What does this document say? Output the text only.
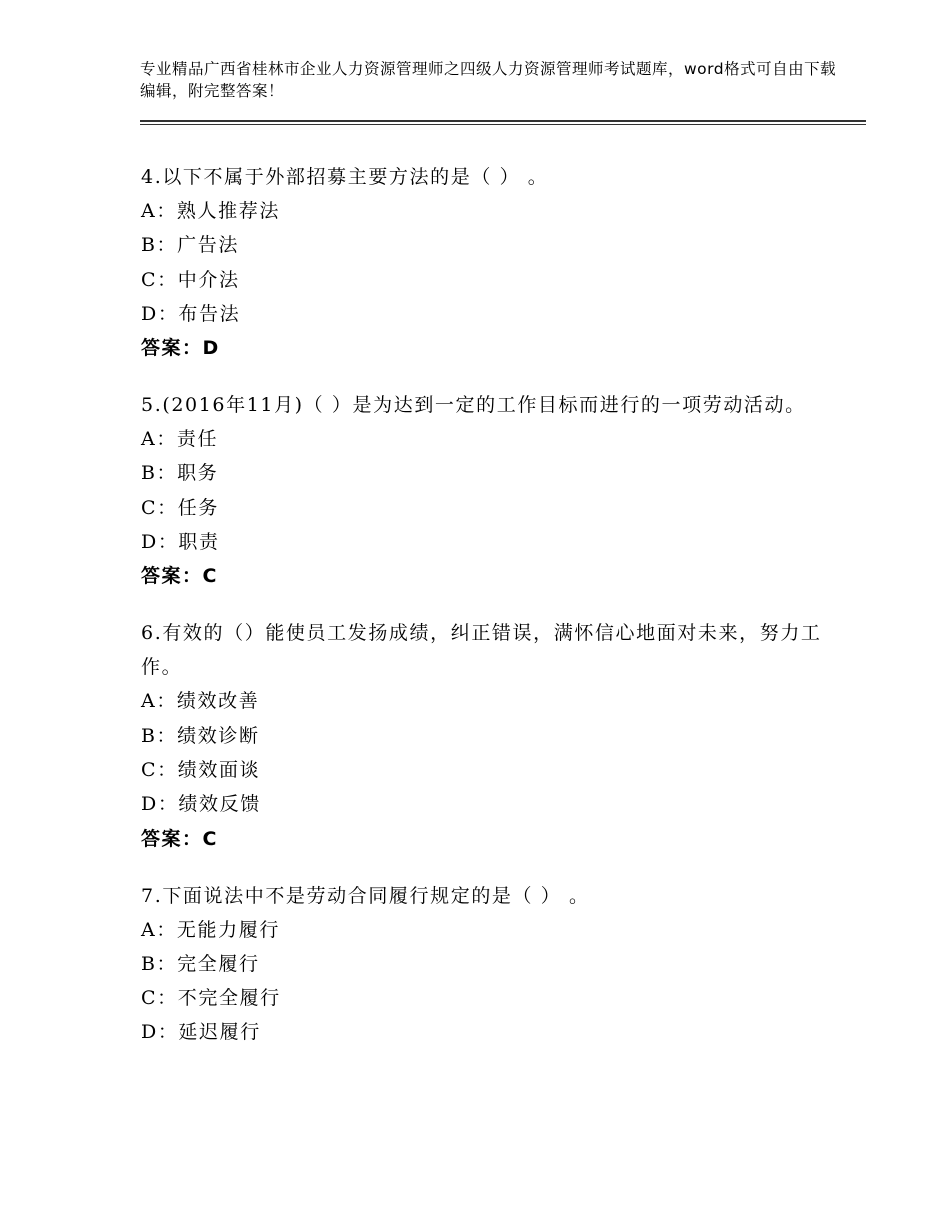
专业精品广西省桂林市企业人力资源管理师之四级人力资源管理师考试题库，word格式可自由下载编辑，附完整答案！
4.以下不属于外部招募主要方法的是（ ） 。
A：熟人推荐法
B：广告法
C：中介法
D：布告法
答案：D
5.(2016年11月)（ ）是为达到一定的工作目标而进行的一项劳动活动。
A：责任
B：职务
C：任务
D：职责
答案：C
6.有效的（）能使员工发扬成绩，纠正错误，满怀信心地面对未来，努力工作。
A：绩效改善
B：绩效诊断
C：绩效面谈
D：绩效反馈
答案：C
7.下面说法中不是劳动合同履行规定的是（ ） 。
A：无能力履行
B：完全履行
C：不完全履行
D：延迟履行
